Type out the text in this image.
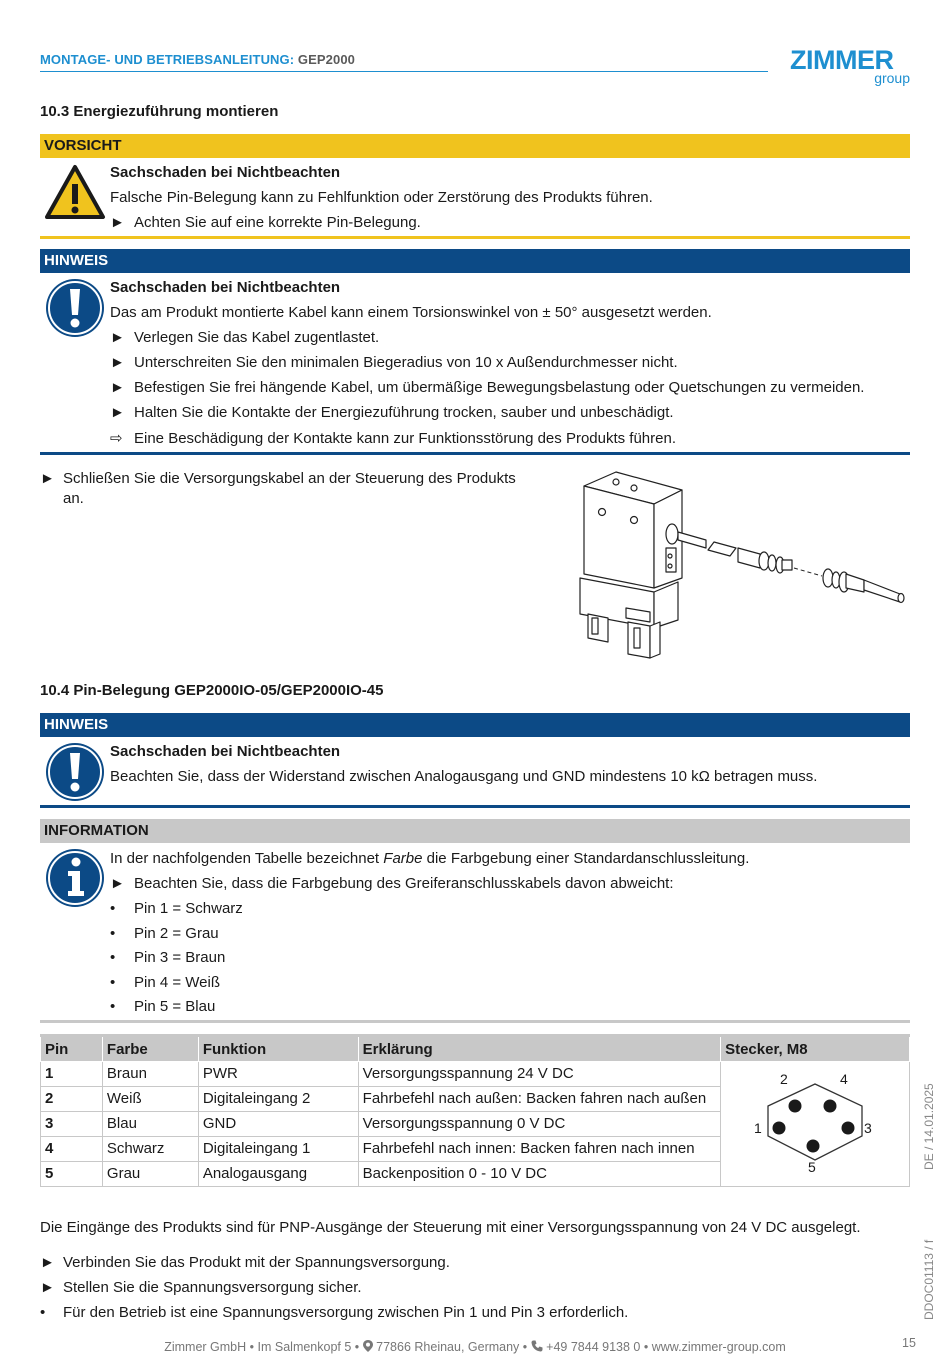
MONTAGE- UND BETRIEBSANLEITUNG: GEP2000	ZIMMER
group
10.3 Energiezuführung montieren
VORSICHT
Sachschaden bei Nichtbeachten
Falsche Pin-Belegung kann zu Fehlfunktion oder Zerstörung des Produkts führen.
► Achten Sie auf eine korrekte Pin-Belegung.
HINWEIS
Sachschaden bei Nichtbeachten
Das am Produkt montierte Kabel kann einem Torsionswinkel von ± 50° ausgesetzt werden.
► Verlegen Sie das Kabel zugentlastet.
► Unterschreiten Sie den minimalen Biegeradius von 10 x Außendurchmesser nicht.
► Befestigen Sie frei hängende Kabel, um übermäßige Bewegungsbelastung oder Quetschungen zu vermeiden.
► Halten Sie die Kontakte der Energiezuführung trocken, sauber und unbeschädigt.
⇨ Eine Beschädigung der Kontakte kann zur Funktionsstörung des Produkts führen.
► Schließen Sie die Versorgungskabel an der Steuerung des Produkts
an.
10.4 Pin-Belegung GEP2000IO-05/GEP2000IO-45
HINWEIS
Sachschaden bei Nichtbeachten
Beachten Sie, dass der Widerstand zwischen Analogausgang und GND mindestens 10 kΩ betragen muss.
INFORMATION
In der nachfolgenden Tabelle bezeichnet Farbe die Farbgebung einer Standardanschlussleitung.
► Beachten Sie, dass die Farbgebung des Greiferanschlusskabels davon abweicht:
• Pin 1 = Schwarz
• Pin 2 = Grau
• Pin 3 = Braun
• Pin 4 = Weiß
• Pin 5 = Blau
Pin	Farbe	Funktion	Erklärung	Stecker, M8
1	Braun	PWR	Versorgungsspannung 24 V DC	1
2
3
4
5

2	Weiß	Digitaleingang 2	Fahrbefehl nach außen: Backen fahren nach außen	
3	Blau	GND	Versorgungsspannung 0 V DC	
4	Schwarz	Digitaleingang 1	Fahrbefehl nach innen: Backen fahren nach innen	
5	Grau	Analogausgang	Backenposition 0 - 10 V DC	
Die Eingänge des Produkts sind für PNP-Ausgänge der Steuerung mit einer Versorgungsspannung von 24 V DC ausgelegt.
► Verbinden Sie das Produkt mit der Spannungsversorgung.
► Stellen Sie die Spannungsversorgung sicher.
• Für den Betrieb ist eine Spannungsversorgung zwischen Pin 1 und Pin 3 erforderlich.
Zimmer GmbH • Im Salmenkopf 5 • 77866 Rheinau, Germany • +49 7844 9138 0 • www.zimmer-group.com	15
DDOC01113 / f
DE / 14.01.2025
